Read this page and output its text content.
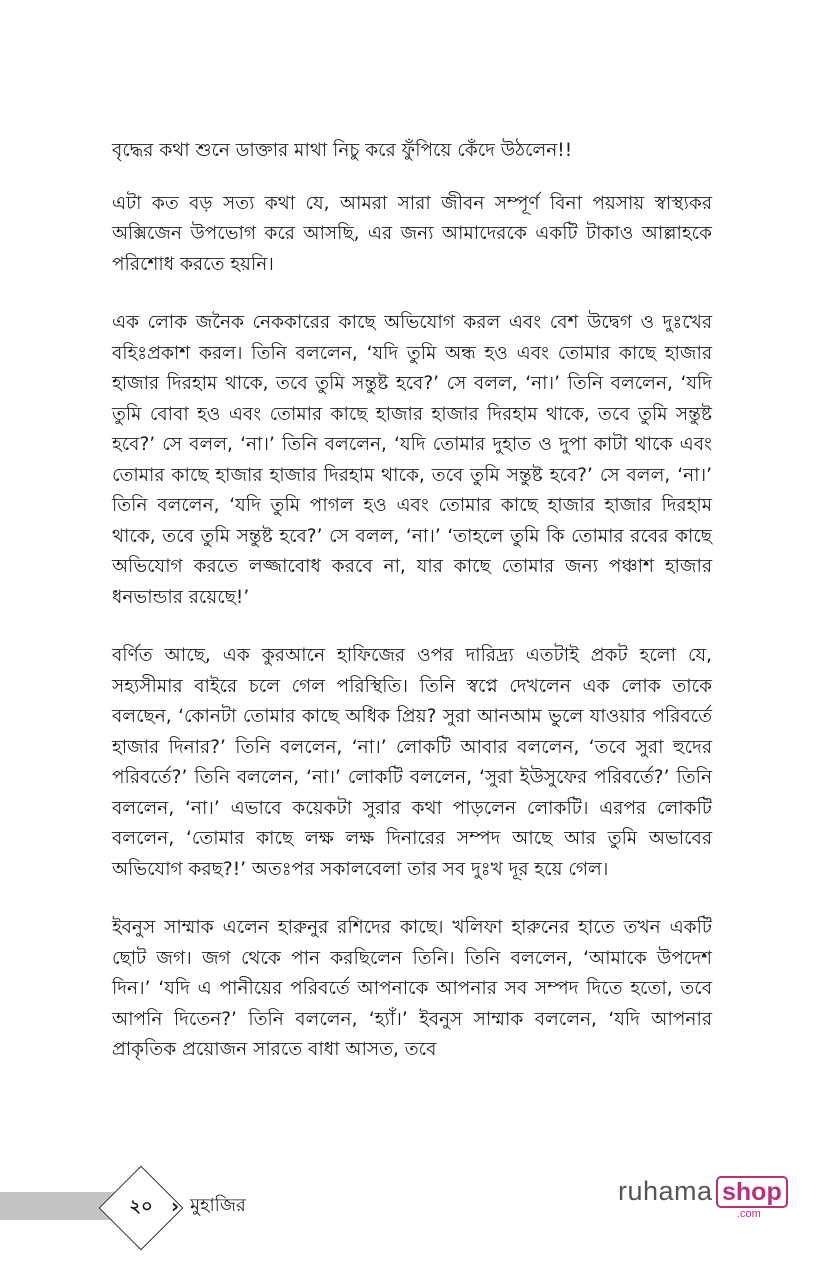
বৃদ্ধের কথা শুনে ডাক্তার মাথা নিচু করে ফুঁপিয়ে কেঁদে উঠলেন!!

এটা কত বড় সত্য কথা যে, আমরা সারা জীবন সম্পূর্ণ বিনা পয়সায় স্বাস্থ্যকর অক্সিজেন উপভোগ করে আসছি, এর জন্য আমাদেরকে একটি টাকাও আল্লাহকে পরিশোধ করতে হয়নি।

এক লোক জনৈক নেককারের কাছে অভিযোগ করল এবং বেশ উদ্বেগ ও দুঃখের বহিঃপ্রকাশ করল। তিনি বললেন, ‘যদি তুমি অন্ধ হও এবং তোমার কাছে হাজার হাজার দিরহাম থাকে, তবে তুমি সন্তুষ্ট হবে?’ সে বলল, ‘না।’ তিনি বললেন, ‘যদি তুমি বোবা হও এবং তোমার কাছে হাজার হাজার দিরহাম থাকে, তবে তুমি সন্তুষ্ট হবে?’ সে বলল, ‘না।’ তিনি বললেন, ‘যদি তোমার দুহাত ও দুপা কাটা থাকে এবং তোমার কাছে হাজার হাজার দিরহাম থাকে, তবে তুমি সন্তুষ্ট হবে?’ সে বলল, ‘না।’ তিনি বললেন, ‘যদি তুমি পাগল হও এবং তোমার কাছে হাজার হাজার দিরহাম থাকে, তবে তুমি সন্তুষ্ট হবে?’ সে বলল, ‘না।’ ‘তাহলে তুমি কি তোমার রবের কাছে অভিযোগ করতে লজ্জাবোধ করবে না, যার কাছে তোমার জন্য পঞ্চাশ হাজার ধনভান্ডার রয়েছে!’

বর্ণিত আছে, এক কুরআনে হাফিজের ওপর দারিদ্র্য এতটাই প্রকট হলো যে, সহ্যসীমার বাইরে চলে গেল পরিস্থিতি। তিনি স্বপ্নে দেখলেন এক লোক তাকে বলছেন, ‘কোনটা তোমার কাছে অধিক প্রিয়? সুরা আনআম ভুলে যাওয়ার পরিবর্তে হাজার দিনার?’ তিনি বললেন, ‘না।’ লোকটি আবার বললেন, ‘তবে সুরা হুদের পরিবর্তে?’ তিনি বললেন, ‘না।’ লোকটি বললেন, ‘সুরা ইউসুফের পরিবর্তে?’ তিনি বললেন, ‘না।’ এভাবে কয়েকটা সুরার কথা পাড়লেন লোকটি। এরপর লোকটি বললেন, ‘তোমার কাছে লক্ষ লক্ষ দিনারের সম্পদ আছে আর তুমি অভাবের অভিযোগ করছ?!’ অতঃপর সকালবেলা তার সব দুঃখ দূর হয়ে গেল।

ইবনুস সাম্মাক এলেন হারুনুর রশিদের কাছে। খলিফা হারুনের হাতে তখন একটি ছোট জগ। জগ থেকে পান করছিলেন তিনি। তিনি বললেন, ‘আমাকে উপদেশ দিন।’ ‘যদি এ পানীয়ের পরিবর্তে আপনাকে আপনার সব সম্পদ দিতে হতো, তবে আপনি দিতেন?’ তিনি বললেন, ‘হ্যাঁ।’ ইবনুস সাম্মাক বললেন, ‘যদি আপনার প্রাকৃতিক প্রয়োজন সারতে বাধা আসত, তবে

২০ › মুহাজির	ruhama shop
.com
